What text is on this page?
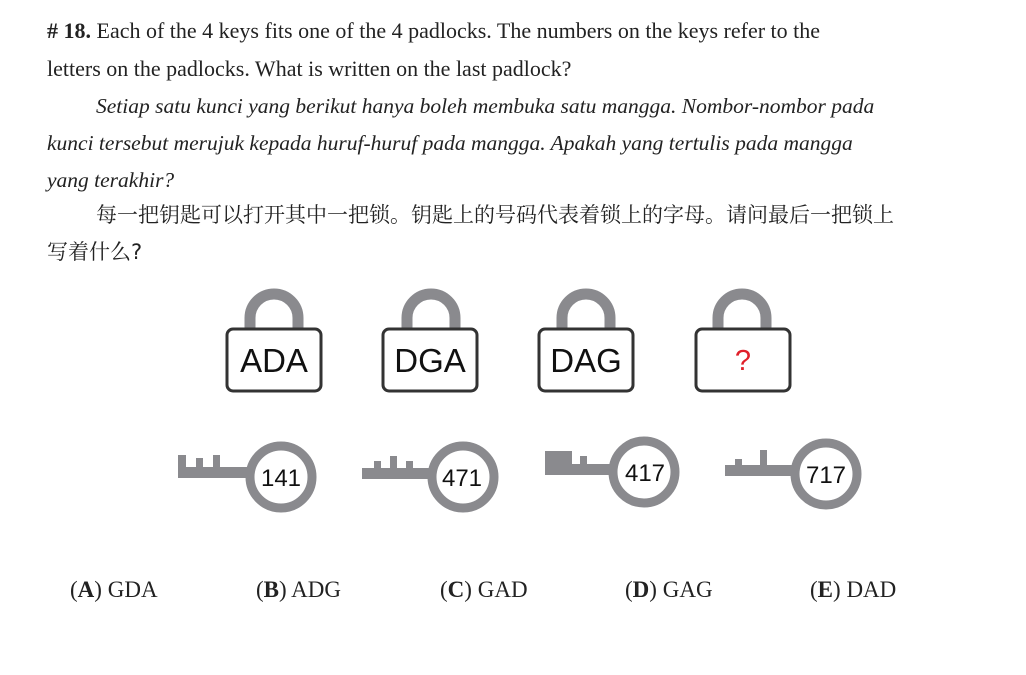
# 18. Each of the 4 keys fits one of the 4 padlocks. The numbers on the keys refer to the
letters on the padlocks. What is written on the last padlock?
Setiap satu kunci yang berikut hanya boleh membuka satu mangga. Nombor-nombor pada
kunci tersebut merujuk kepada huruf-huruf pada mangga. Apakah yang tertulis pada mangga
yang terakhir?
每一把钥匙可以打开其中一把锁。钥匙上的号码代表着锁上的字母。请问最后一把锁上
写着什么?
ADA	DGA	DAG	?
141	471	417	717
(A) GDA	(B) ADG	(C) GAD	(D) GAG	(E) DAD
